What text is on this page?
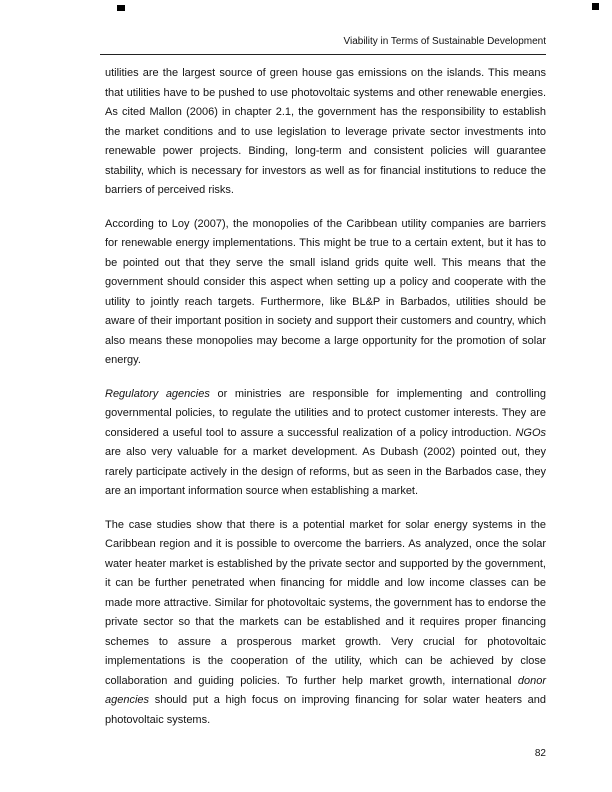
Viability in Terms of Sustainable Development

utilities are the largest source of green house gas emissions on the islands. This means that utilities have to be pushed to use photovoltaic systems and other renewable energies. As cited Mallon (2006) in chapter 2.1, the government has the responsibility to establish the market conditions and to use legislation to leverage private sector investments into renewable power projects. Binding, long-term and consistent policies will guarantee stability, which is necessary for investors as well as for financial institutions to reduce the barriers of perceived risks.

According to Loy (2007), the monopolies of the Caribbean utility companies are barriers for renewable energy implementations. This might be true to a certain extent, but it has to be pointed out that they serve the small island grids quite well. This means that the government should consider this aspect when setting up a policy and cooperate with the utility to jointly reach targets. Furthermore, like BL&P in Barbados, utilities should be aware of their important position in society and support their customers and country, which also means these monopolies may become a large opportunity for the promotion of solar energy.

Regulatory agencies or ministries are responsible for implementing and controlling governmental policies, to regulate the utilities and to protect customer interests. They are considered a useful tool to assure a successful realization of a policy introduction. NGOs are also very valuable for a market development. As Dubash (2002) pointed out, they rarely participate actively in the design of reforms, but as seen in the Barbados case, they are an important information source when establishing a market.

The case studies show that there is a potential market for solar energy systems in the Caribbean region and it is possible to overcome the barriers. As analyzed, once the solar water heater market is established by the private sector and supported by the government, it can be further penetrated when financing for middle and low income classes can be made more attractive. Similar for photovoltaic systems, the government has to endorse the private sector so that the markets can be established and it requires proper financing schemes to assure a prosperous market growth. Very crucial for photovoltaic implementations is the cooperation of the utility, which can be achieved by close collaboration and guiding policies. To further help market growth, international donor agencies should put a high focus on improving financing for solar water heaters and photovoltaic systems.

82
